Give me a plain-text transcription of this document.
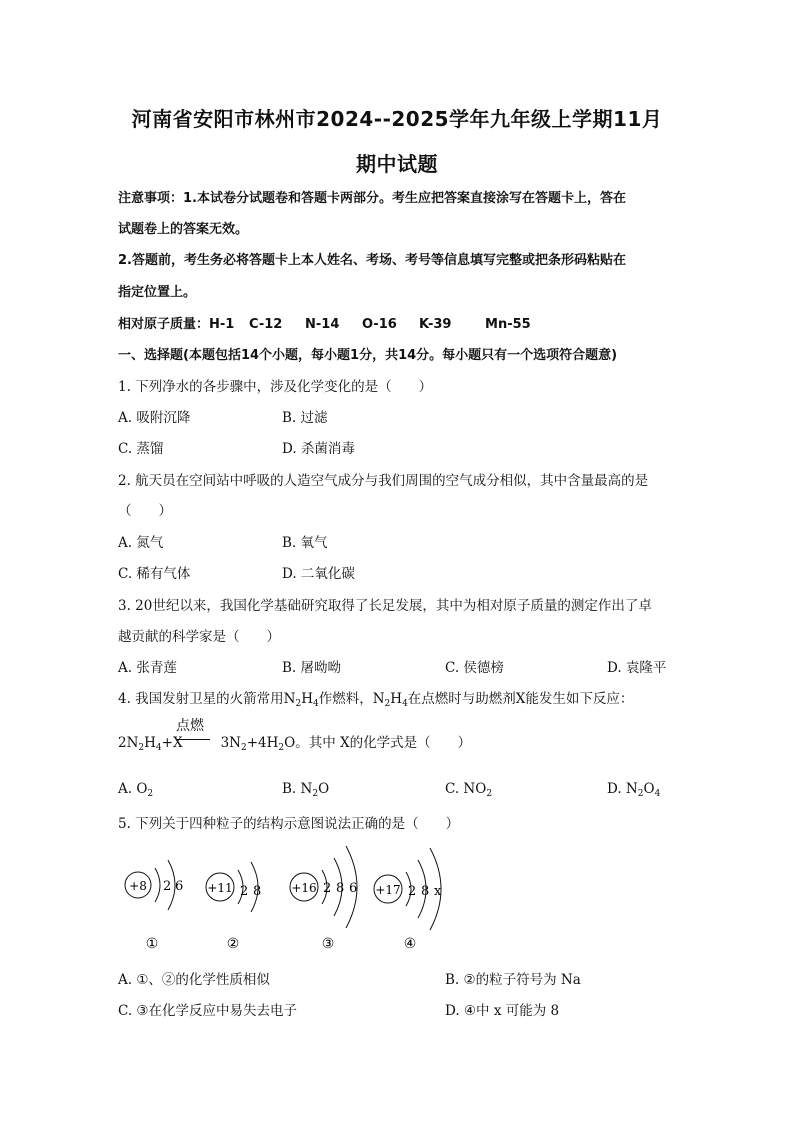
河南省安阳市林州市2024--2025学年九年级上学期11月
期中试题
注意事项：1.本试卷分试题卷和答题卡两部分。考生应把答案直接涂写在答题卡上，答在
试题卷上的答案无效。
2.答题前，考生务必将答题卡上本人姓名、考场、考号等信息填写完整或把条形码粘贴在
指定位置上。
相对原子质量：H-1 C-12 N-14 O-16 K-39	Mn-55
一、选择题(本题包括14个小题，每小题1分，共14分。每小题只有一个选项符合题意)
1. 下列净水的各步骤中，涉及化学变化的是（　　）
A. 吸附沉降	B. 过滤
C. 蒸馏	D. 杀菌消毒
2. 航天员在空间站中呼吸的人造空气成分与我们周围的空气成分相似，其中含量最高的是
（　　）
A. 氮气	B. 氧气
C. 稀有气体	D. 二氧化碳
3. 20世纪以来，我国化学基础研究取得了长足发展，其中为相对原子质量的测定作出了卓
越贡献的科学家是（　　）
A. 张青莲	B. 屠呦呦	C. 侯德榜	D. 袁隆平
4. 我国发射卫星的火箭常用$N_2H_4$作燃料，$N_2H_4$在点燃时与助燃剂X能发生如下反应：
点燃
$2N_2H_4+X$	$3N_2+4H_2O$。其中 X的化学式是（　　）
A. $O_2$	B. $N_2O$	C. $NO_2$	D. $N_2O_4$
5. 下列关于四种粒子的结构示意图说法正确的是（　　）
+8 2 6
①
+11 2 8
②
+16 2 8 6
③
+17 2 8 x
④
A. ①、②的化学性质相似	B. ②的粒子符号为 Na
C. ③在化学反应中易失去电子	D. ④中 x 可能为 8
